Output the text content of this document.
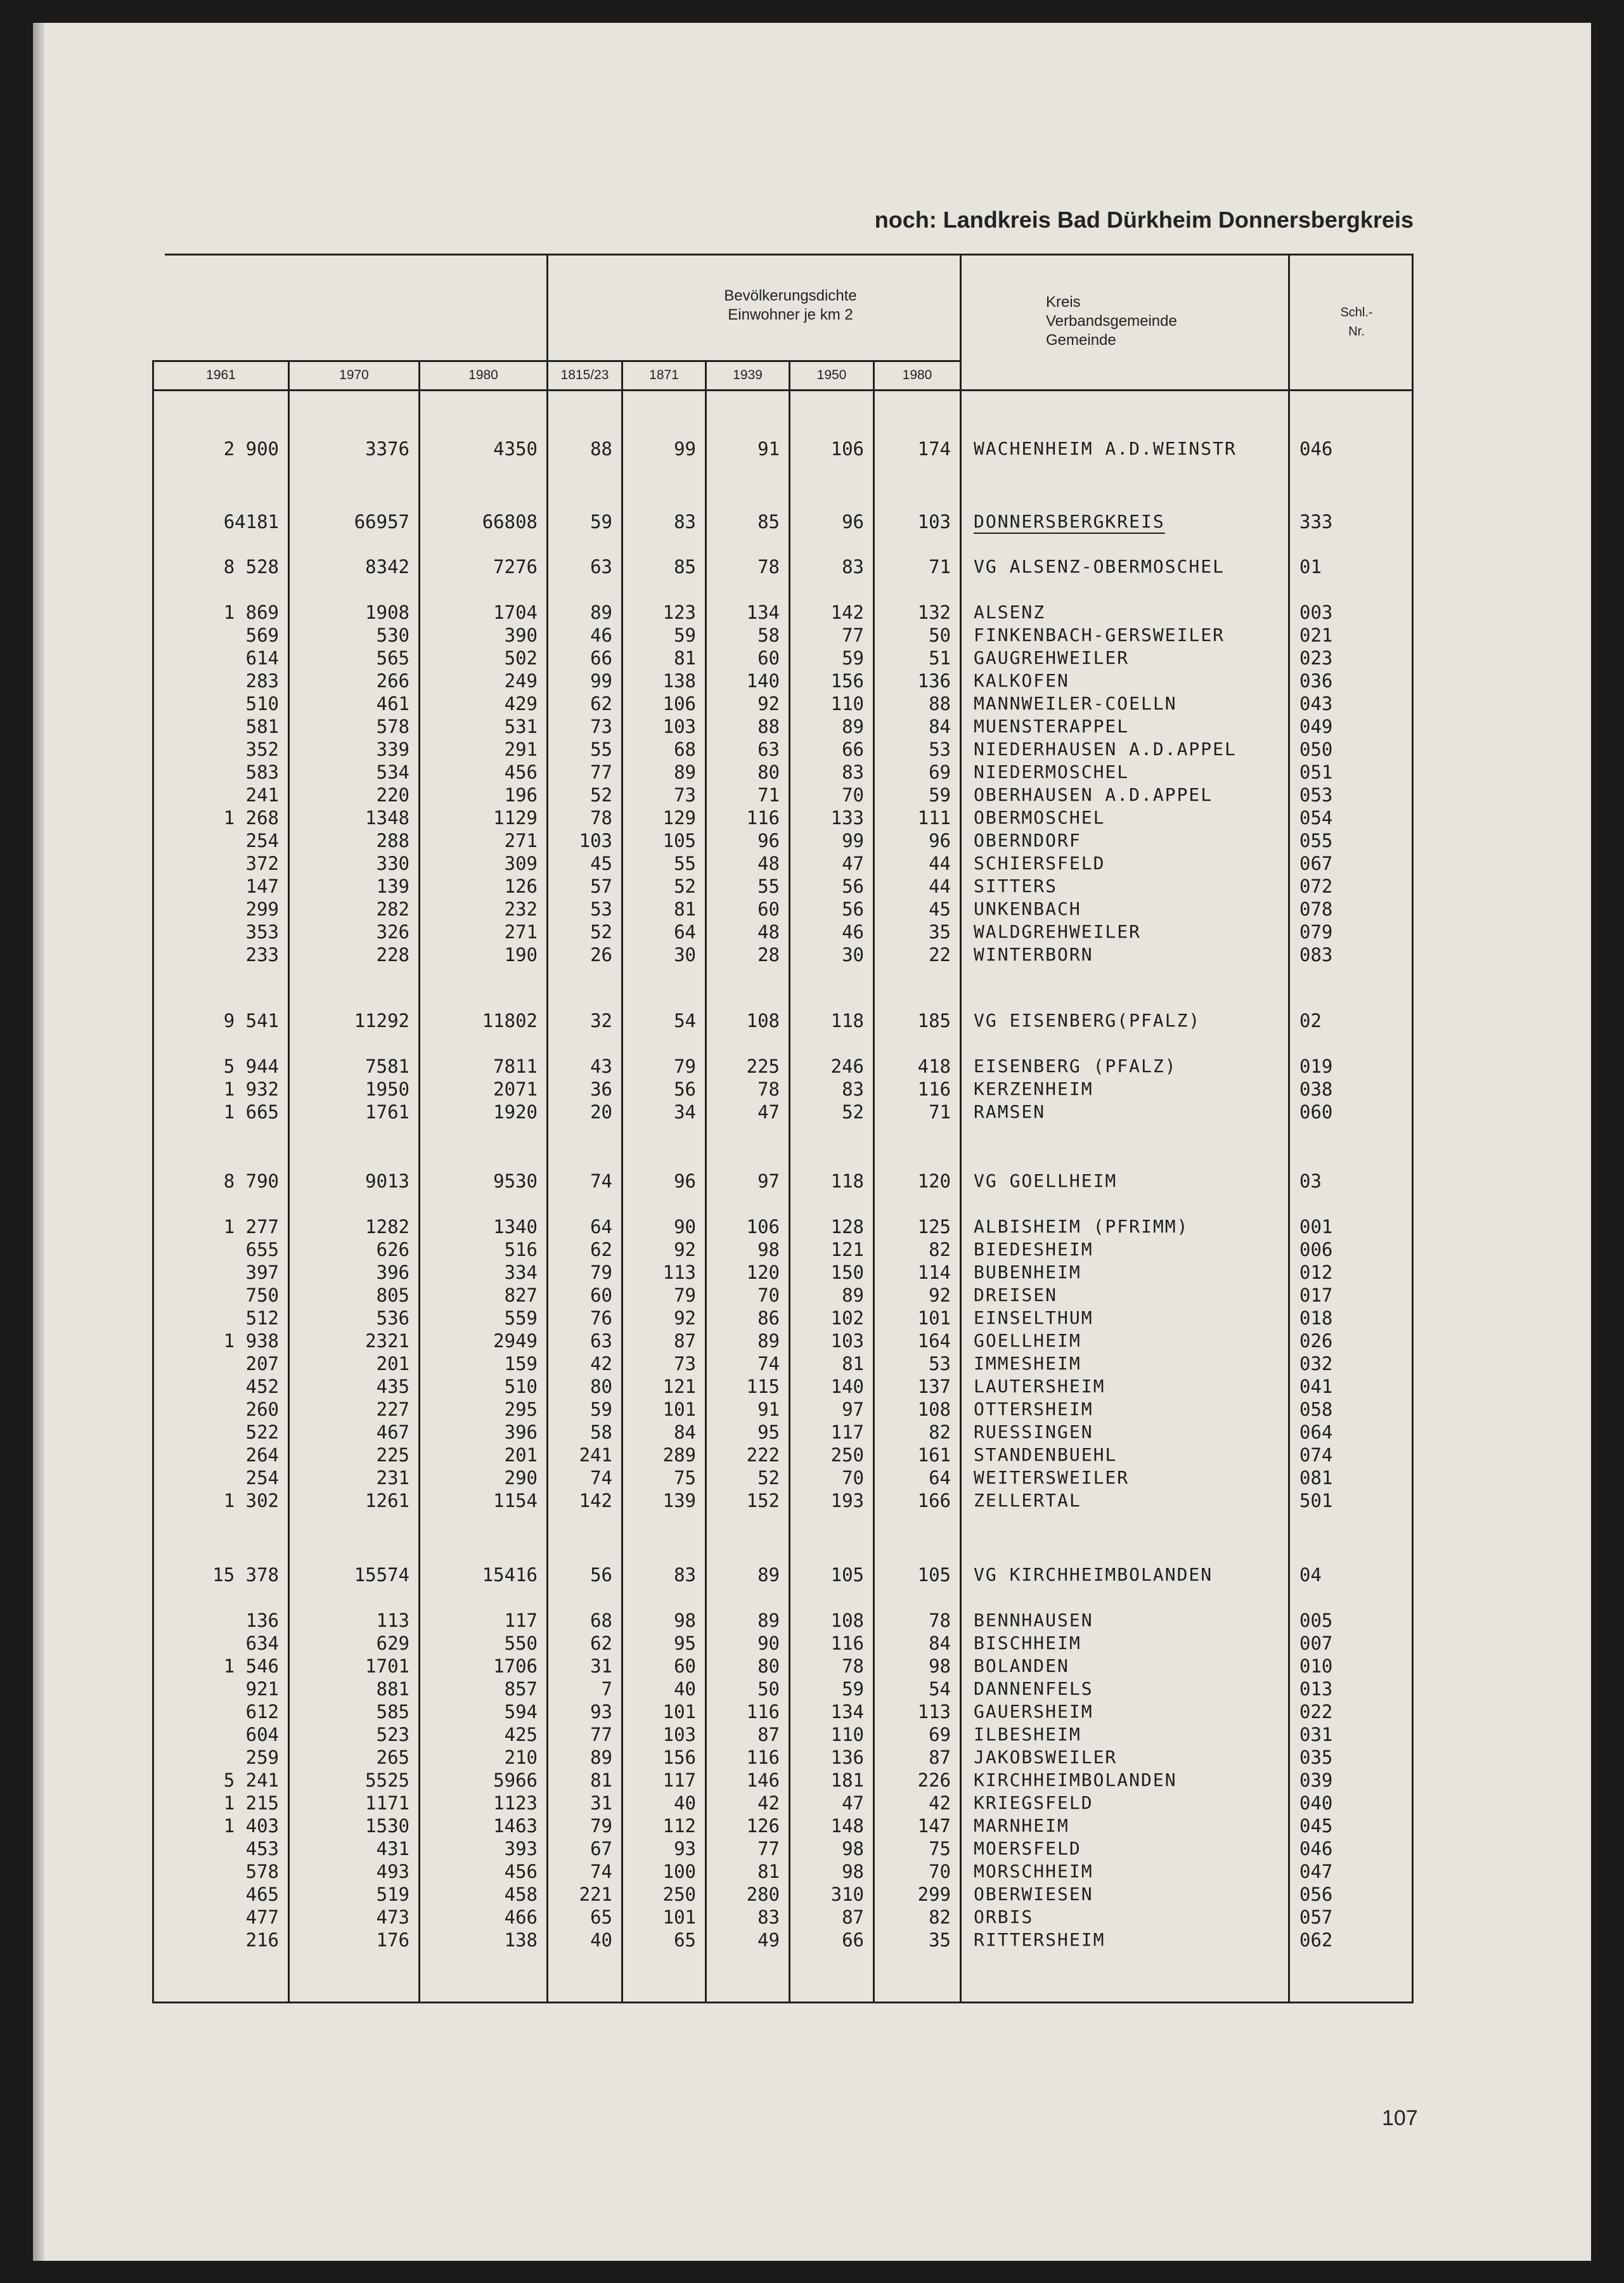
noch: Landkreis Bad Dürkheim Donnersbergkreis
Bevölkerungsdichte
Einwohner je km 2
Kreis
Verbandsgemeinde
Gemeinde
Schl.-
Nr.
1961	1970	1980	1815/23	1871	1939	1950	1980
2 900	3376	4350	88	99	91	106	174 WACHENHEIM A.D.WEINSTR	046
64181	66957	66808	59	83	85	96	103 DONNERSBERGKREIS	333
8 528	8342	7276	63	85	78	83	71 VG ALSENZ-OBERMOSCHEL	01
1 869	1908	1704	89	123	134	142	132 ALSENZ	003
569	530	390	46	59	58	77	50 FINKENBACH-GERSWEILER	021
614	565	502	66	81	60	59	51 GAUGREHWEILER	023
283	266	249	99	138	140	156	136 KALKOFEN	036
510	461	429	62	106	92	110	88 MANNWEILER-COELLN	043
581	578	531	73	103	88	89	84 MUENSTERAPPEL	049
352	339	291	55	68	63	66	53 NIEDERHAUSEN A.D.APPEL	050
583	534	456	77	89	80	83	69 NIEDERMOSCHEL	051
241	220	196	52	73	71	70	59 OBERHAUSEN A.D.APPEL	053
1 268	1348	1129	78	129	116	133	111 OBERMOSCHEL	054
254	288	271	103	105	96	99	96 OBERNDORF	055
372	330	309	45	55	48	47	44 SCHIERSFELD	067
147	139	126	57	52	55	56	44 SITTERS	072
299	282	232	53	81	60	56	45 UNKENBACH	078
353	326	271	52	64	48	46	35 WALDGREHWEILER	079
233	228	190	26	30	28	30	22 WINTERBORN	083
9 541	11292	11802	32	54	108	118	185 VG EISENBERG(PFALZ)	02
5 944	7581	7811	43	79	225	246	418 EISENBERG (PFALZ)	019
1 932	1950	2071	36	56	78	83	116 KERZENHEIM	038
1 665	1761	1920	20	34	47	52	71 RAMSEN	060
8 790	9013	9530	74	96	97	118	120 VG GOELLHEIM	03
1 277	1282	1340	64	90	106	128	125 ALBISHEIM (PFRIMM)	001
655	626	516	62	92	98	121	82 BIEDESHEIM	006
397	396	334	79	113	120	150	114 BUBENHEIM	012
750	805	827	60	79	70	89	92 DREISEN	017
512	536	559	76	92	86	102	101 EINSELTHUM	018
1 938	2321	2949	63	87	89	103	164 GOELLHEIM	026
207	201	159	42	73	74	81	53 IMMESHEIM	032
452	435	510	80	121	115	140	137 LAUTERSHEIM	041
260	227	295	59	101	91	97	108 OTTERSHEIM	058
522	467	396	58	84	95	117	82 RUESSINGEN	064
264	225	201	241	289	222	250	161 STANDENBUEHL	074
254	231	290	74	75	52	70	64 WEITERSWEILER	081
1 302	1261	1154	142	139	152	193	166 ZELLERTAL	501
15 378	15574	15416	56	83	89	105	105 VG KIRCHHEIMBOLANDEN	04
136	113	117	68	98	89	108	78 BENNHAUSEN	005
634	629	550	62	95	90	116	84 BISCHHEIM	007
1 546	1701	1706	31	60	80	78	98 BOLANDEN	010
921	881	857	7	40	50	59	54 DANNENFELS	013
612	585	594	93	101	116	134	113 GAUERSHEIM	022
604	523	425	77	103	87	110	69 ILBESHEIM	031
259	265	210	89	156	116	136	87 JAKOBSWEILER	035
5 241	5525	5966	81	117	146	181	226 KIRCHHEIMBOLANDEN	039
1 215	1171	1123	31	40	42	47	42 KRIEGSFELD	040
1 403	1530	1463	79	112	126	148	147 MARNHEIM	045
453	431	393	67	93	77	98	75 MOERSFELD	046
578	493	456	74	100	81	98	70 MORSCHHEIM	047
465	519	458	221	250	280	310	299 OBERWIESEN	056
477	473	466	65	101	83	87	82 ORBIS	057
216	176	138	40	65	49	66	35 RITTERSHEIM	062
107
